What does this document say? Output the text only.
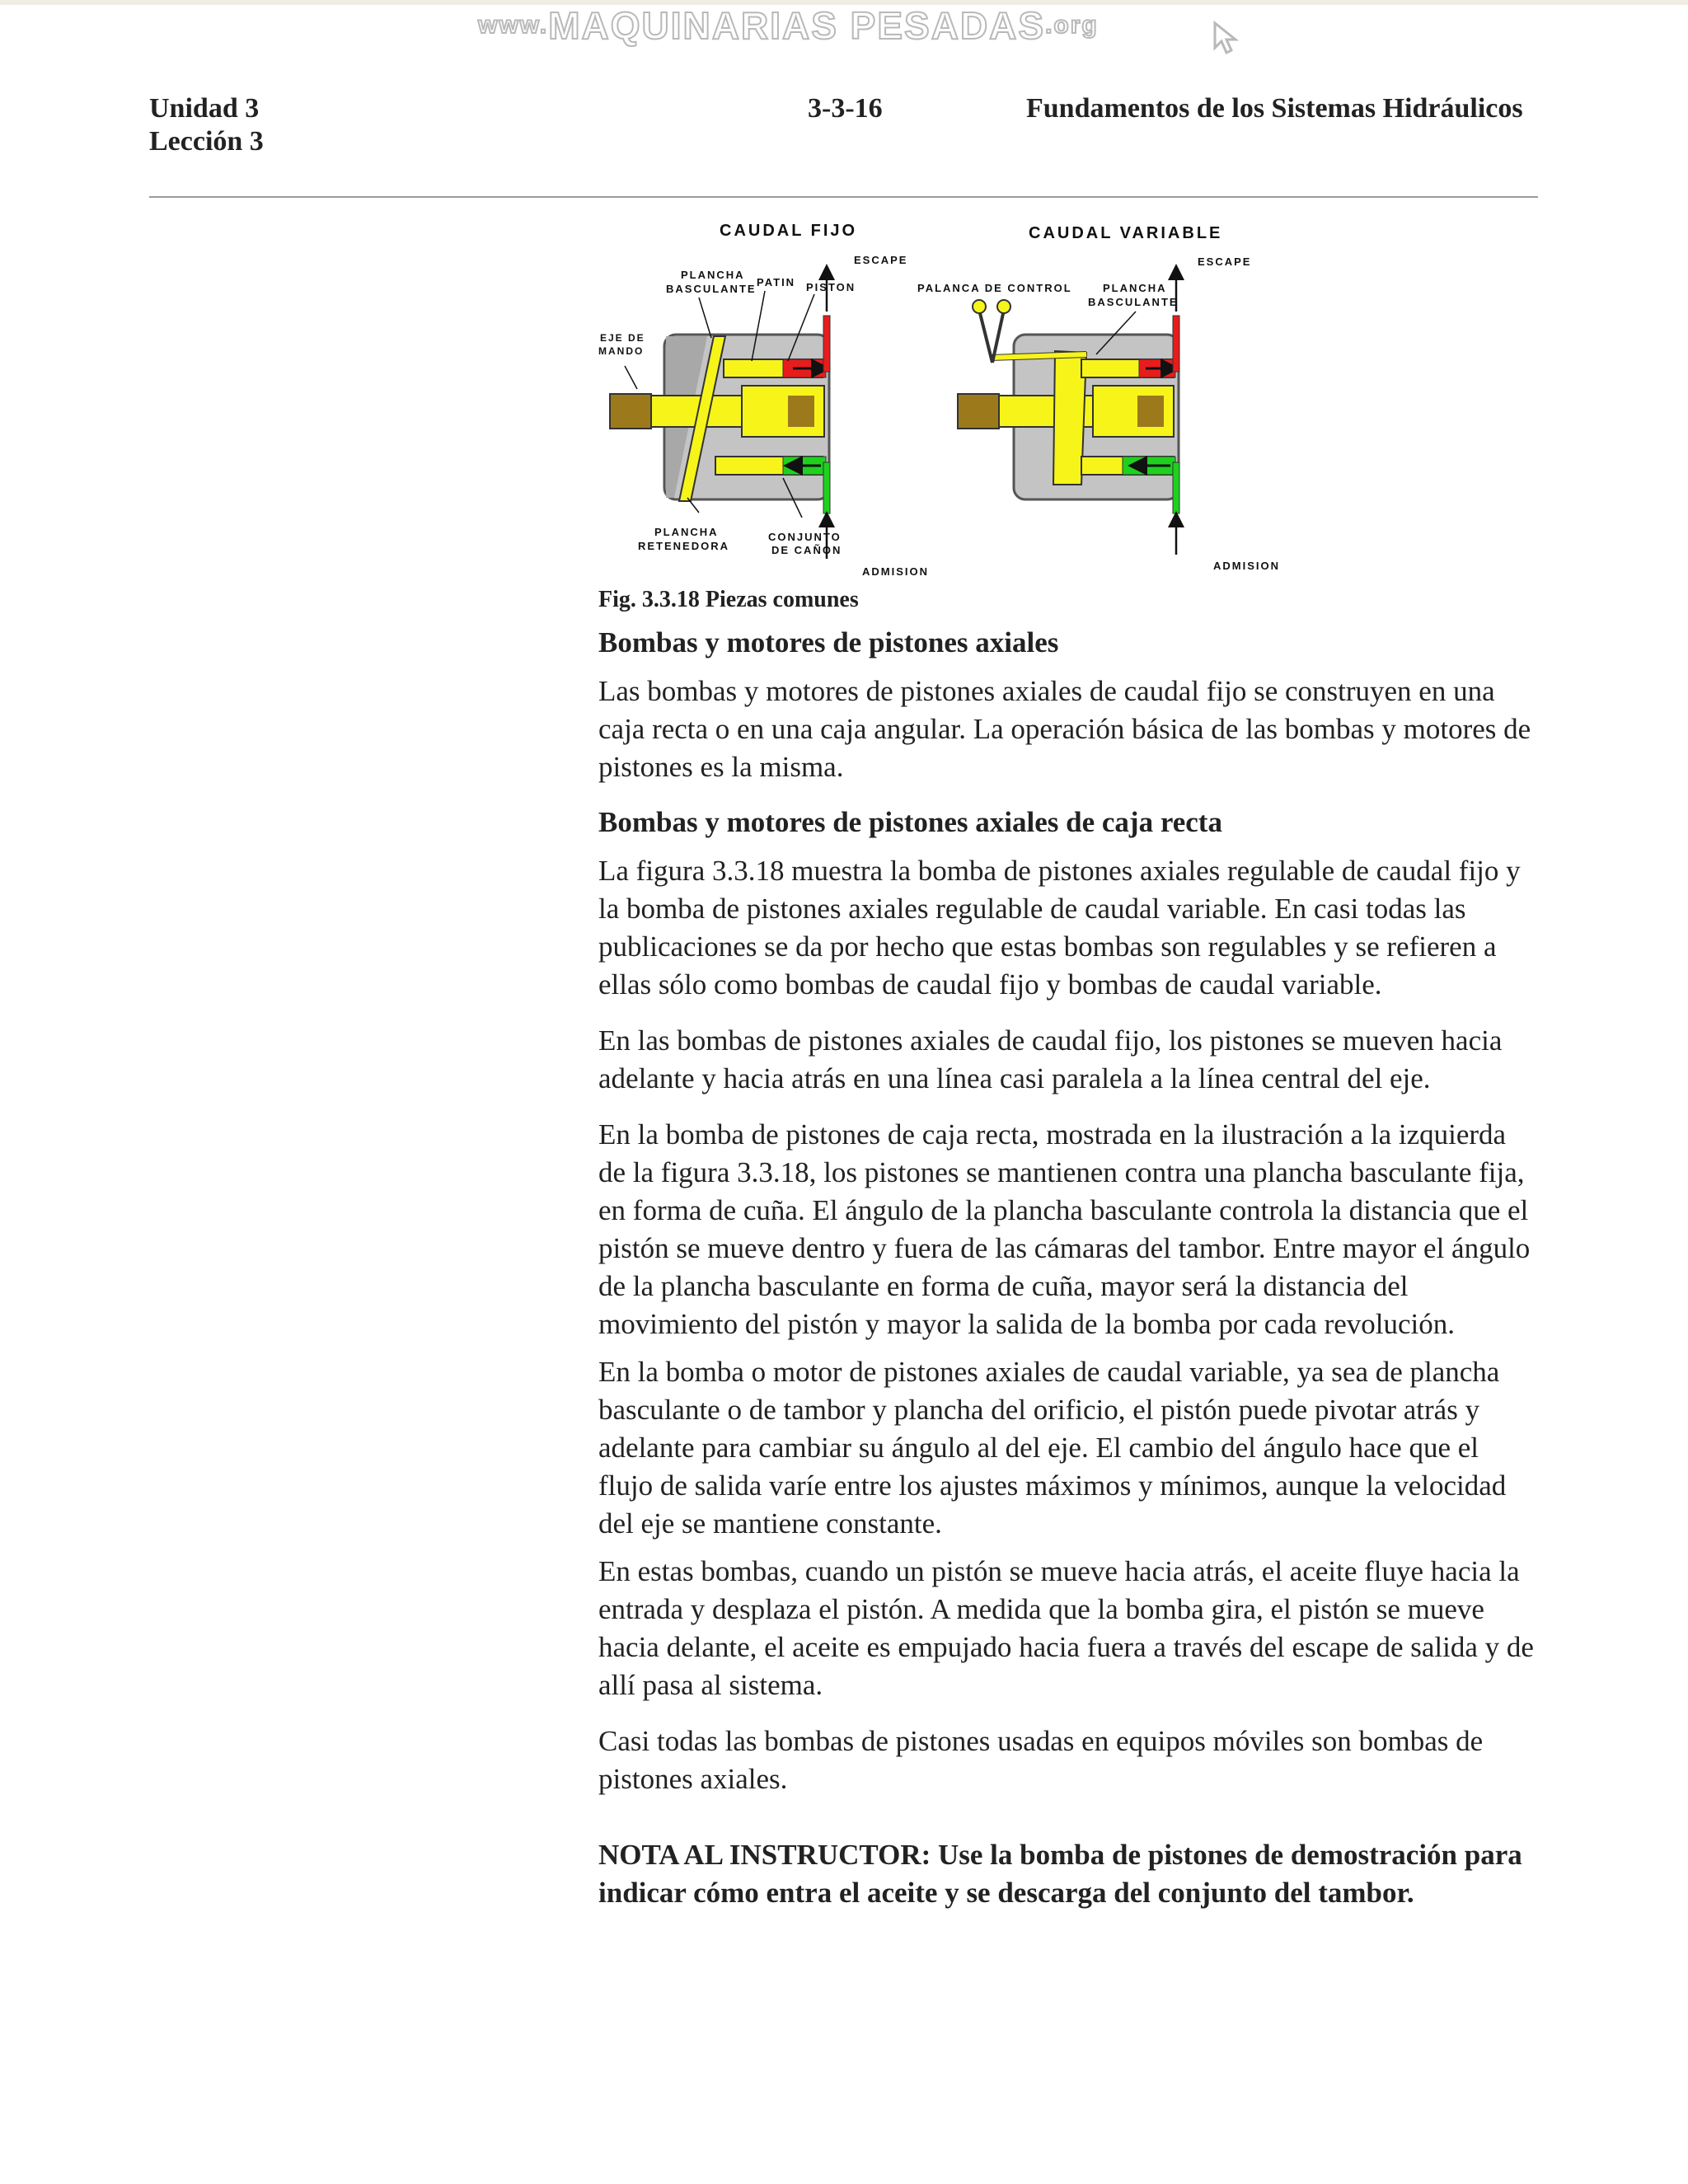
www.MAQUINARIAS PESADAS.org
Unidad 3
Lección 3
3-3-16	Fundamentos de los Sistemas Hidráulicos
CAUDAL FIJO	CAUDAL VARIABLE
ESCAPE	ESCAPE
PLANCHA
BASCULANTE
PATIN PISTON
EJE DE
MANDO
PALANCA DE CONTROL	PLANCHA
BASCULANTE
PLANCHA
RETENEDORA
CONJUNTO
DE CAÑON
ADMISION	ADMISION
Fig. 3.3.18 Piezas comunes
Bombas y motores de pistones axiales

Las bombas y motores de pistones axiales de caudal fijo se construyen en una caja recta o en una caja angular. La operación básica de las bombas y motores de pistones es la misma.

Bombas y motores de pistones axiales de caja recta

La figura 3.3.18 muestra la bomba de pistones axiales regulable de caudal fijo y la bomba de pistones axiales regulable de caudal variable. En casi todas las publicaciones se da por hecho que estas bombas son regulables y se refieren a ellas sólo como bombas de caudal fijo y bombas de caudal variable.

En las bombas de pistones axiales de caudal fijo, los pistones se mueven hacia adelante y hacia atrás en una línea casi paralela a la línea central del eje.

En la bomba de pistones de caja recta, mostrada en la ilustración a la izquierda de la figura 3.3.18, los pistones se mantienen contra una plancha basculante fija, en forma de cuña. El ángulo de la plancha basculante controla la distancia que el pistón se mueve dentro y fuera de las cámaras del tambor. Entre mayor el ángulo de la plancha basculante en forma de cuña, mayor será la distancia del movimiento del pistón y mayor la salida de la bomba por cada revolución.

En la bomba o motor de pistones axiales de caudal variable, ya sea de plancha basculante o de tambor y plancha del orificio, el pistón puede pivotar atrás y adelante para cambiar su ángulo al del eje. El cambio del ángulo hace que el flujo de salida varíe entre los ajustes máximos y mínimos, aunque la velocidad del eje se mantiene constante.

En estas bombas, cuando un pistón se mueve hacia atrás, el aceite fluye hacia la entrada y desplaza el pistón. A medida que la bomba gira, el pistón se mueve hacia delante, el aceite es empujado hacia fuera a través del escape de salida y de allí pasa al sistema.

Casi todas las bombas de pistones usadas en equipos móviles son bombas de pistones axiales.

NOTA AL INSTRUCTOR: Use la bomba de pistones de demostración para indicar cómo entra el aceite y se descarga del conjunto del tambor.
